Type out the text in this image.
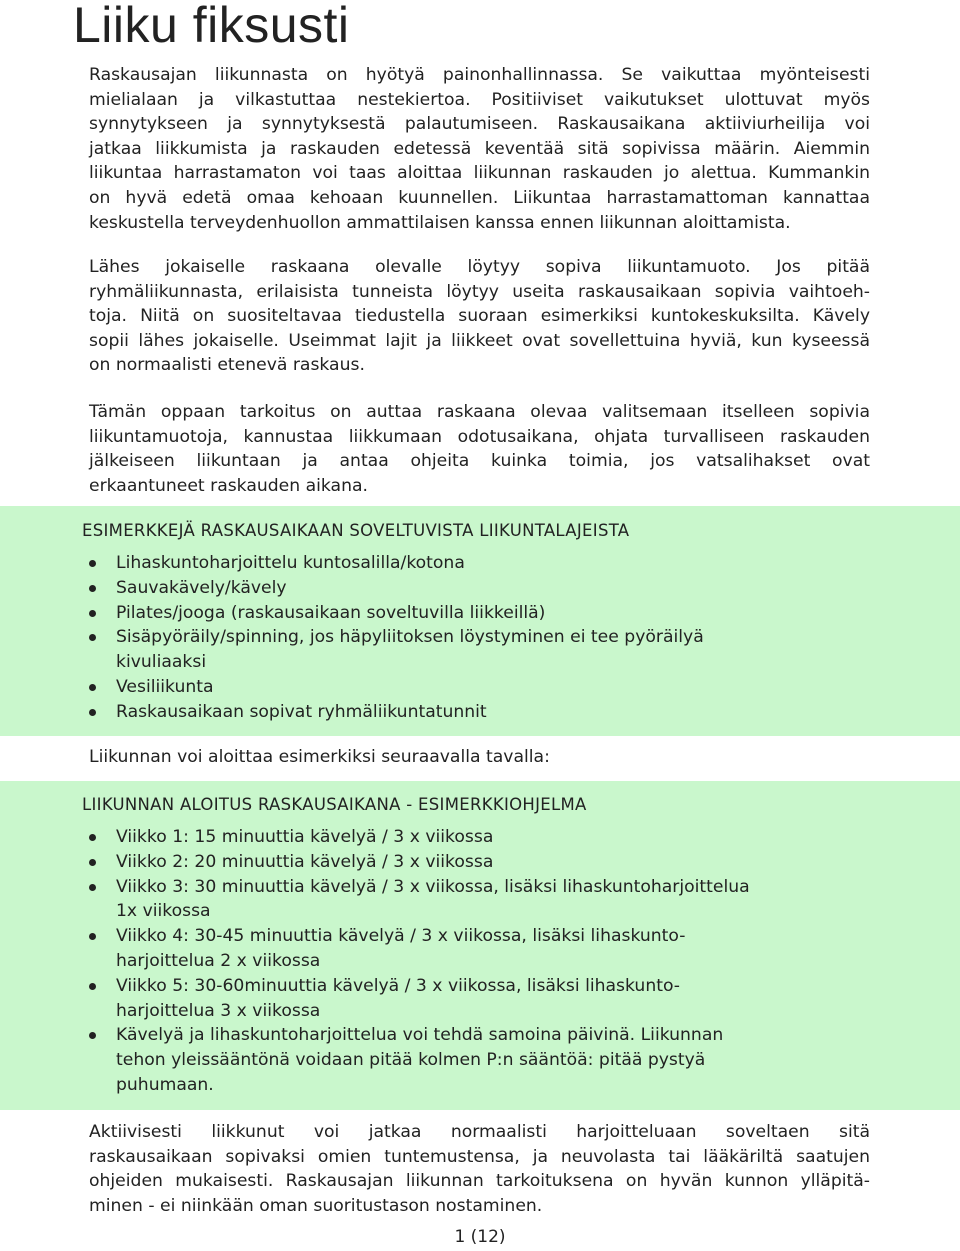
Liiku fiksusti
Raskausajan liikunnasta on hyötyä painonhallinnassa. Se vaikuttaa myönteisesti
mielialaan ja vilkastuttaa nestekiertoa. Positiiviset vaikutukset ulottuvat myös
synnytykseen ja synnytyksestä palautumiseen. Raskausaikana aktiiviurheilija voi
jatkaa liikkumista ja raskauden edetessä keventää sitä sopivissa määrin. Aiemmin
liikuntaa harrastamaton voi taas aloittaa liikunnan raskauden jo alettua. Kummankin
on hyvä edetä omaa kehoaan kuunnellen. Liikuntaa harrastamattoman kannattaa
keskustella terveydenhuollon ammattilaisen kanssa ennen liikunnan aloittamista.
Lähes jokaiselle raskaana olevalle löytyy sopiva liikuntamuoto. Jos pitää
ryhmäliikunnasta, erilaisista tunneista löytyy useita raskausaikaan sopivia vaihtoeh-
toja. Niitä on suositeltavaa tiedustella suoraan esimerkiksi kuntokeskuksilta. Kävely
sopii lähes jokaiselle. Useimmat lajit ja liikkeet ovat sovellettuina hyviä, kun kyseessä
on normaalisti etenevä raskaus.
Tämän oppaan tarkoitus on auttaa raskaana olevaa valitsemaan itselleen sopivia
liikuntamuotoja, kannustaa liikkumaan odotusaikana, ohjata turvalliseen raskauden
jälkeiseen liikuntaan ja antaa ohjeita kuinka toimia, jos vatsalihakset ovat
erkaantuneet raskauden aikana.
ESIMERKKEJÄ RASKAUSAIKAAN SOVELTUVISTA LIIKUNTALAJEISTA
Lihaskuntoharjoittelu kuntosalilla/kotona
Sauvakävely/kävely
Pilates/jooga (raskausaikaan soveltuvilla liikkeillä)
Sisäpyöräily/spinning, jos häpyliitoksen löystyminen ei tee pyöräilyä
kivuliaaksi
Vesiliikunta
Raskausaikaan sopivat ryhmäliikuntatunnit
Liikunnan voi aloittaa esimerkiksi seuraavalla tavalla:
LIIKUNNAN ALOITUS RASKAUSAIKANA - ESIMERKKIOHJELMA
Viikko 1: 15 minuuttia kävelyä / 3 x viikossa
Viikko 2: 20 minuuttia kävelyä / 3 x viikossa
Viikko 3: 30 minuuttia kävelyä / 3 x viikossa, lisäksi lihaskuntoharjoittelua
1x viikossa
Viikko 4: 30-45 minuuttia kävelyä / 3 x viikossa, lisäksi lihaskunto-
harjoittelua 2 x viikossa
Viikko 5: 30-60minuuttia kävelyä / 3 x viikossa, lisäksi lihaskunto-
harjoittelua 3 x viikossa
Kävelyä ja lihaskuntoharjoittelua voi tehdä samoina päivinä. Liikunnan
tehon yleissääntönä voidaan pitää kolmen P:n sääntöä: pitää pystyä
puhumaan.
Aktiivisesti liikkunut voi jatkaa normaalisti harjoitteluaan soveltaen sitä
raskausaikaan sopivaksi omien tuntemustensa, ja neuvolasta tai lääkäriltä saatujen
ohjeiden mukaisesti. Raskausajan liikunnan tarkoituksena on hyvän kunnon ylläpitä-
minen - ei niinkään oman suoritustason nostaminen.
1 (12)
